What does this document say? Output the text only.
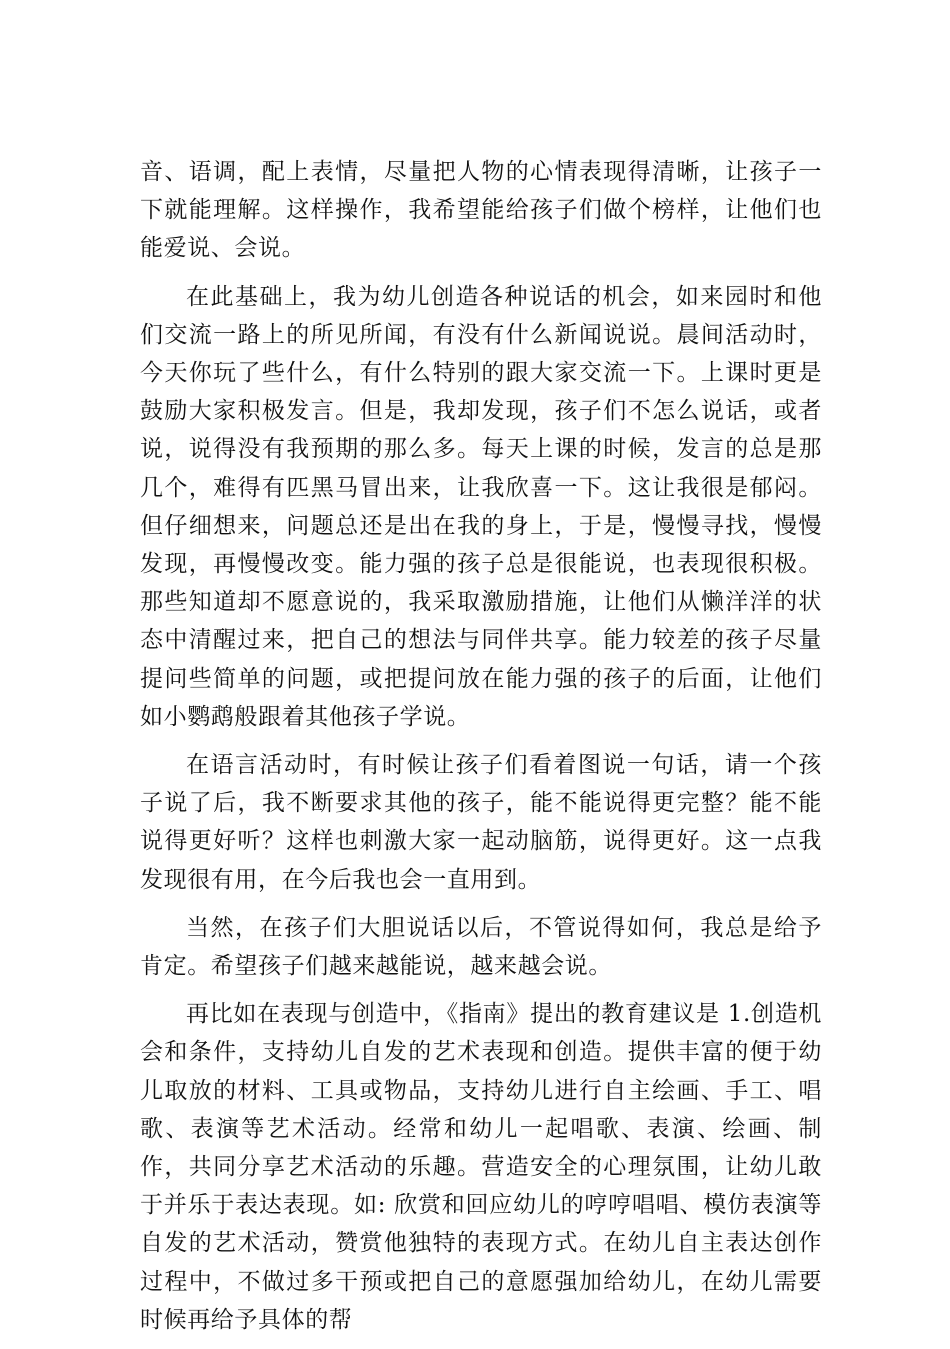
音、语调，配上表情，尽量把人物的心情表现得清晰，让孩子一下就能理解。这样操作，我希望能给孩子们做个榜样，让他们也能爱说、会说。

在此基础上，我为幼儿创造各种说话的机会，如来园时和他们交流一路上的所见所闻，有没有什么新闻说说。晨间活动时，今天你玩了些什么，有什么特别的跟大家交流一下。上课时更是鼓励大家积极发言。但是，我却发现，孩子们不怎么说话，或者说，说得没有我预期的那么多。每天上课的时候，发言的总是那几个，难得有匹黑马冒出来，让我欣喜一下。这让我很是郁闷。但仔细想来，问题总还是出在我的身上，于是，慢慢寻找，慢慢发现，再慢慢改变。能力强的孩子总是很能说，也表现很积极。那些知道却不愿意说的，我采取激励措施，让他们从懒洋洋的状态中清醒过来，把自己的想法与同伴共享。能力较差的孩子尽量提问些简单的问题，或把提问放在能力强的孩子的后面，让他们如小鹦鹉般跟着其他孩子学说。

在语言活动时，有时候让孩子们看着图说一句话，请一个孩子说了后，我不断要求其他的孩子，能不能说得更完整？能不能说得更好听？这样也刺激大家一起动脑筋，说得更好。这一点我发现很有用，在今后我也会一直用到。

当然，在孩子们大胆说话以后，不管说得如何，我总是给予肯定。希望孩子们越来越能说，越来越会说。

再比如在表现与创造中，《指南》提出的教育建议是 1.创造机会和条件，支持幼儿自发的艺术表现和创造。提供丰富的便于幼儿取放的材料、工具或物品，支持幼儿进行自主绘画、手工、唱歌、表演等艺术活动。经常和幼儿一起唱歌、表演、绘画、制作，共同分享艺术活动的乐趣。营造安全的心理氛围，让幼儿敢于并乐于表达表现。如: 欣赏和回应幼儿的哼哼唱唱、模仿表演等自发的艺术活动，赞赏他独特的表现方式。在幼儿自主表达创作过程中，不做过多干预或把自己的意愿强加给幼儿，在幼儿需要时候再给予具体的帮
